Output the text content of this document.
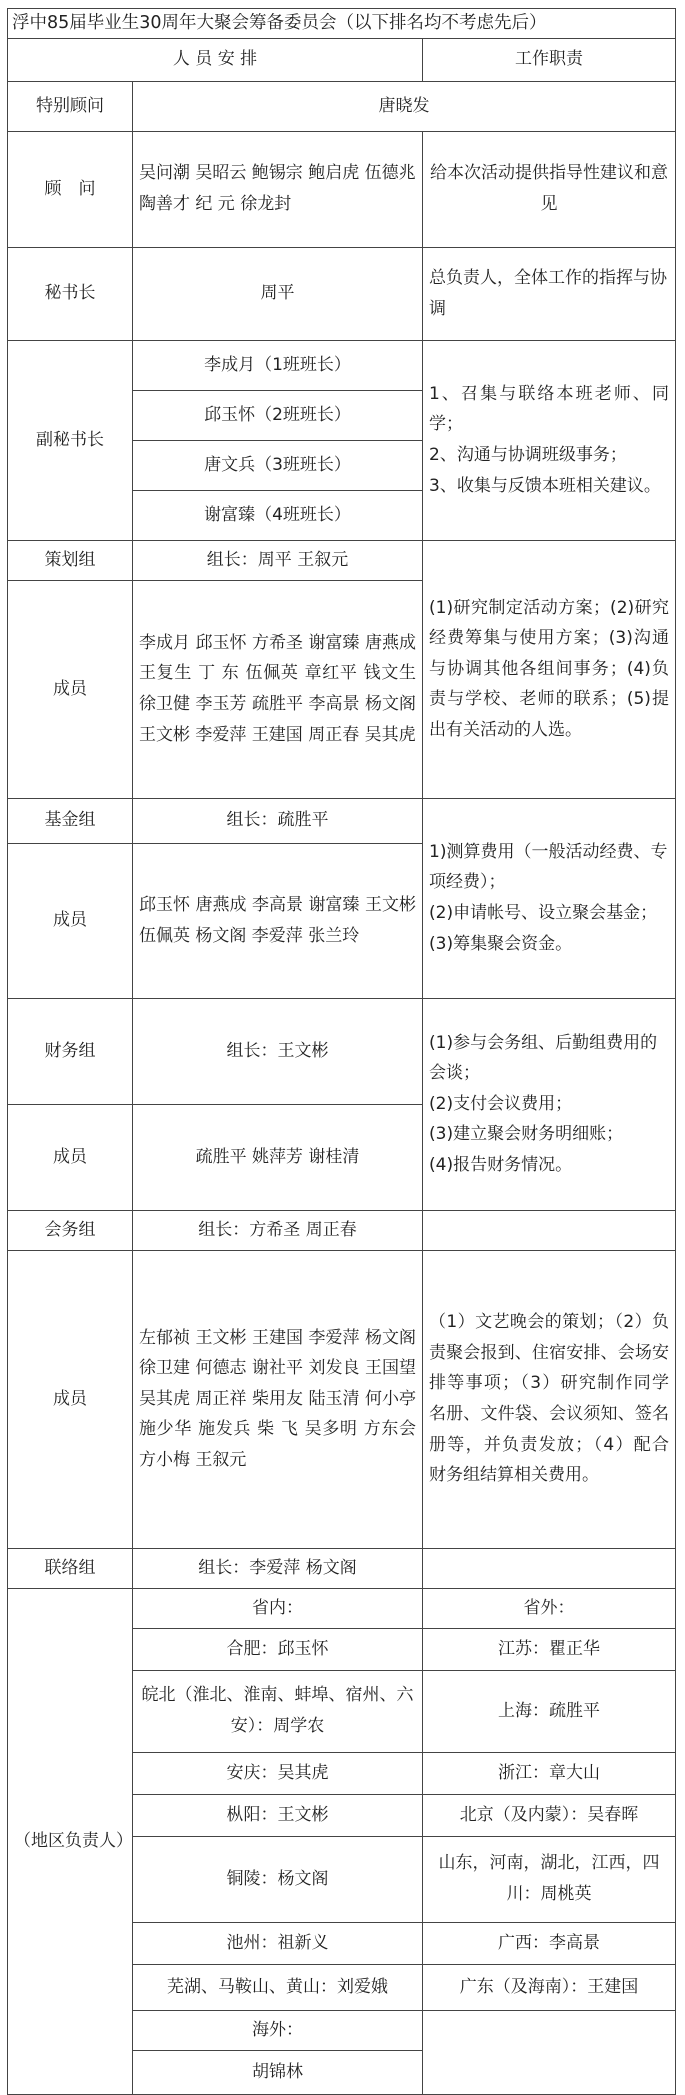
浮中85届毕业生30周年大聚会筹备委员会（以下排名均不考虑先后）		
人 员 安 排		工作职责
特别顾问	唐晓发	
顾　问	吴问潮 吴昭云 鲍锡宗 鲍启虎 伍德兆 陶善才 纪 元 徐龙封	给本次活动提供指导性建议和意见
秘书长	周平	总负责人，全体工作的指挥与协调
副秘书长	李成月（1班班长）	1、召集与联络本班老师、同学；
2、沟通与协调班级事务；
3、收集与反馈本班相关建议。
	邱玉怀（2班班长）	
	唐文兵（3班班长）	
	谢富臻（4班班长）	
策划组	组长：周平 王叙元	(1)研究制定活动方案；(2)研究经费筹集与使用方案；(3)沟通与协调其他各组间事务；(4)负责与学校、老师的联系；(5)提出有关活动的人选。
成员	李成月 邱玉怀 方希圣 谢富臻 唐燕成 王复生 丁 东 伍佩英 章红平 钱文生 徐卫健 李玉芳 疏胜平 李高景 杨文阁 王文彬 李爱萍 王建国 周正春 吴其虎	
基金组	组长：疏胜平	1)测算费用（一般活动经费、专项经费）；
(2)申请帐号、设立聚会基金；
(3)筹集聚会资金。
成员	邱玉怀 唐燕成 李高景 谢富臻 王文彬 伍佩英 杨文阁 李爱萍 张兰玲	
财务组	组长：王文彬	(1)参与会务组、后勤组费用的会谈；
(2)支付会议费用；
(3)建立聚会财务明细账；
(4)报告财务情况。
成员	疏胜平 姚萍芳 谢桂清	
会务组	组长：方希圣 周正春	
成员	左郁祯 王文彬 王建国 李爱萍 杨文阁 徐卫建 何德志 谢社平 刘发良 王国望 吴其虎 周正祥 柴用友 陆玉清 何小亭 施少华 施发兵 柴 飞 吴多明 方东会 方小梅 王叙元	（1）文艺晚会的策划；（2）负责聚会报到、住宿安排、会场安排等事项；（3）研究制作同学名册、文件袋、会议须知、签名册等，并负责发放；（4）配合财务组结算相关费用。
联络组	组长：李爱萍 杨文阁	
（地区负责人）	省内：	省外：
	合肥：邱玉怀	江苏：瞿正华
	皖北（淮北、淮南、蚌埠、宿州、六安）：周学农	上海：疏胜平
	安庆：吴其虎	浙江：章大山
	枞阳：王文彬	北京（及内蒙）：吴春晖
	铜陵：杨文阁	山东，河南，湖北，江西，四川：周桃英
	池州：祖新义	广西：李高景
	芜湖、马鞍山、黄山：刘爱娥	广东（及海南）：王建国
	海外：	
	胡锦林	
